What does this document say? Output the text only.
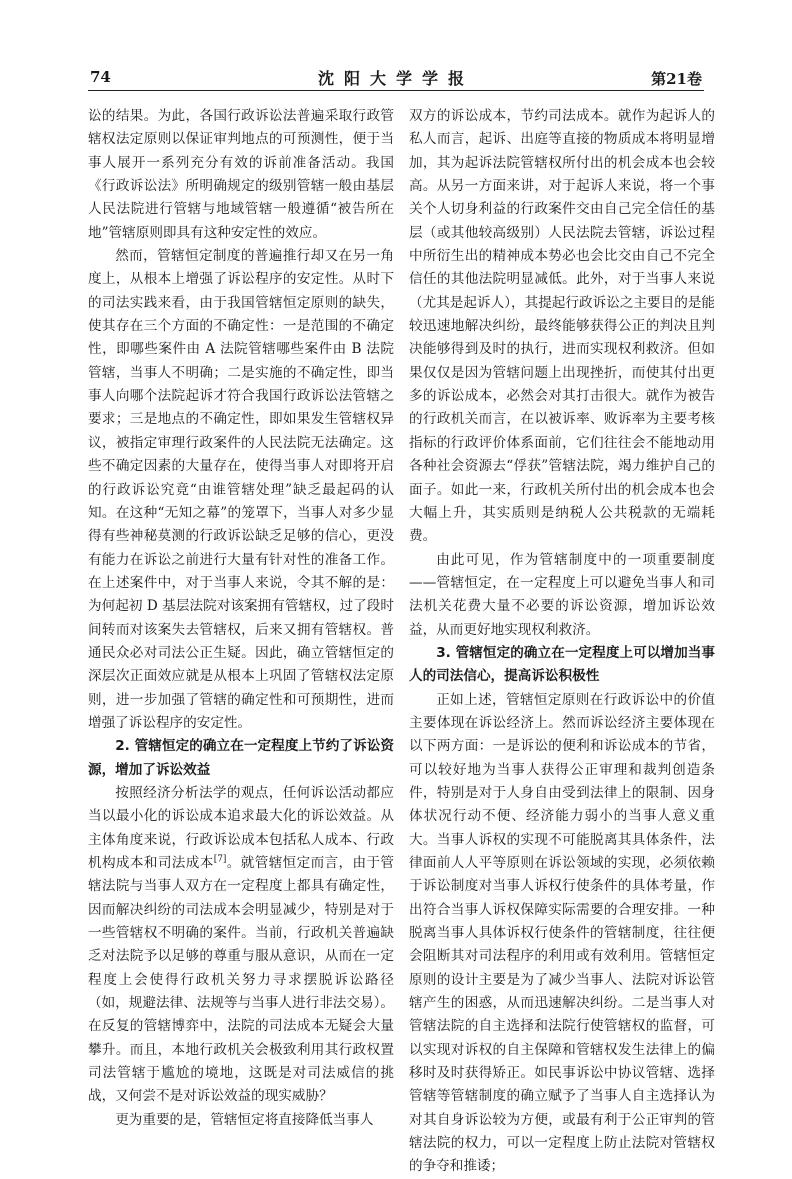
74	沈阳大学学报	第21卷

讼的结果。为此，各国行政诉讼法普遍采取行政管辖权法定原则以保证审判地点的可预测性，便于当事人展开一系列充分有效的诉前准备活动。我国《行政诉讼法》所明确规定的级别管辖一般由基层人民法院进行管辖与地域管辖一般遵循“被告所在地”管辖原则即具有这种安定性的效应。

然而，管辖恒定制度的普遍推行却又在另一角度上，从根本上增强了诉讼程序的安定性。从时下的司法实践来看，由于我国管辖恒定原则的缺失，使其存在三个方面的不确定性：一是范围的不确定性，即哪些案件由 A 法院管辖哪些案件由 B 法院管辖，当事人不明确；二是实施的不确定性，即当事人向哪个法院起诉才符合我国行政诉讼法管辖之要求；三是地点的不确定性，即如果发生管辖权异议，被指定审理行政案件的人民法院无法确定。这些不确定因素的大量存在，使得当事人对即将开启的行政诉讼究竟“由谁管辖处理”缺乏最起码的认知。在这种“无知之幕”的笼罩下，当事人对多少显得有些神秘莫测的行政诉讼缺乏足够的信心，更没有能力在诉讼之前进行大量有针对性的准备工作。在上述案件中，对于当事人来说，令其不解的是：为何起初 D 基层法院对该案拥有管辖权，过了段时间转而对该案失去管辖权，后来又拥有管辖权。普通民众必对司法公正生疑。因此，确立管辖恒定的深层次正面效应就是从根本上巩固了管辖权法定原则，进一步加强了管辖的确定性和可预期性，进而增强了诉讼程序的安定性。

2. 管辖恒定的确立在一定程度上节约了诉讼资源，增加了诉讼效益

按照经济分析法学的观点，任何诉讼活动都应当以最小化的诉讼成本追求最大化的诉讼效益。从主体角度来说，行政诉讼成本包括私人成本、行政机构成本和司法成本[7]。就管辖恒定而言，由于管辖法院与当事人双方在一定程度上都具有确定性，因而解决纠纷的司法成本会明显减少，特别是对于一些管辖权不明确的案件。当前，行政机关普遍缺乏对法院予以足够的尊重与服从意识，从而在一定程度上会使得行政机关努力寻求摆脱诉讼路径（如，规避法律、法规等与当事人进行非法交易）。在反复的管辖博弈中，法院的司法成本无疑会大量攀升。而且，本地行政机关会极致利用其行政权置司法管辖于尴尬的境地，这既是对司法威信的挑战，又何尝不是对诉讼效益的现实威胁？

更为重要的是，管辖恒定将直接降低当事人

双方的诉讼成本，节约司法成本。就作为起诉人的私人而言，起诉、出庭等直接的物质成本将明显增加，其为起诉法院管辖权所付出的机会成本也会较高。从另一方面来讲，对于起诉人来说，将一个事关个人切身利益的行政案件交由自己完全信任的基层（或其他较高级别）人民法院去管辖，诉讼过程中所衍生出的精神成本势必也会比交由自己不完全信任的其他法院明显减低。此外，对于当事人来说（尤其是起诉人），其提起行政诉讼之主要目的是能较迅速地解决纠纷，最终能够获得公正的判决且判决能够得到及时的执行，进而实现权利救济。但如果仅仅是因为管辖问题上出现挫折，而使其付出更多的诉讼成本，必然会对其打击很大。就作为被告的行政机关而言，在以被诉率、败诉率为主要考核指标的行政评价体系面前，它们往往会不能地动用各种社会资源去“俘获”管辖法院，竭力维护自己的面子。如此一来，行政机关所付出的机会成本也会大幅上升，其实质则是纳税人公共税款的无端耗费。

由此可见，作为管辖制度中的一项重要制度——管辖恒定，在一定程度上可以避免当事人和司法机关花费大量不必要的诉讼资源，增加诉讼效益，从而更好地实现权利救济。

3. 管辖恒定的确立在一定程度上可以增加当事人的司法信心，提高诉讼积极性

正如上述，管辖恒定原则在行政诉讼中的价值主要体现在诉讼经济上。然而诉讼经济主要体现在以下两方面：一是诉讼的便利和诉讼成本的节省，可以较好地为当事人获得公正审理和裁判创造条件，特别是对于人身自由受到法律上的限制、因身体状况行动不便、经济能力弱小的当事人意义重大。当事人诉权的实现不可能脱离其具体条件，法律面前人人平等原则在诉讼领域的实现，必须依赖于诉讼制度对当事人诉权行使条件的具体考量，作出符合当事人诉权保障实际需要的合理安排。一种脱离当事人具体诉权行使条件的管辖制度，往往便会阻断其对司法程序的利用或有效利用。管辖恒定原则的设计主要是为了减少当事人、法院对诉讼管辖产生的困惑，从而迅速解决纠纷。二是当事人对管辖法院的自主选择和法院行使管辖权的监督，可以实现对诉权的自主保障和管辖权发生法律上的偏移时及时获得矫正。如民事诉讼中协议管辖、选择管辖等管辖制度的确立赋予了当事人自主选择认为对其自身诉讼较为方便，或最有利于公正审判的管辖法院的权力，可以一定程度上防止法院对管辖权的争夺和推诿；
